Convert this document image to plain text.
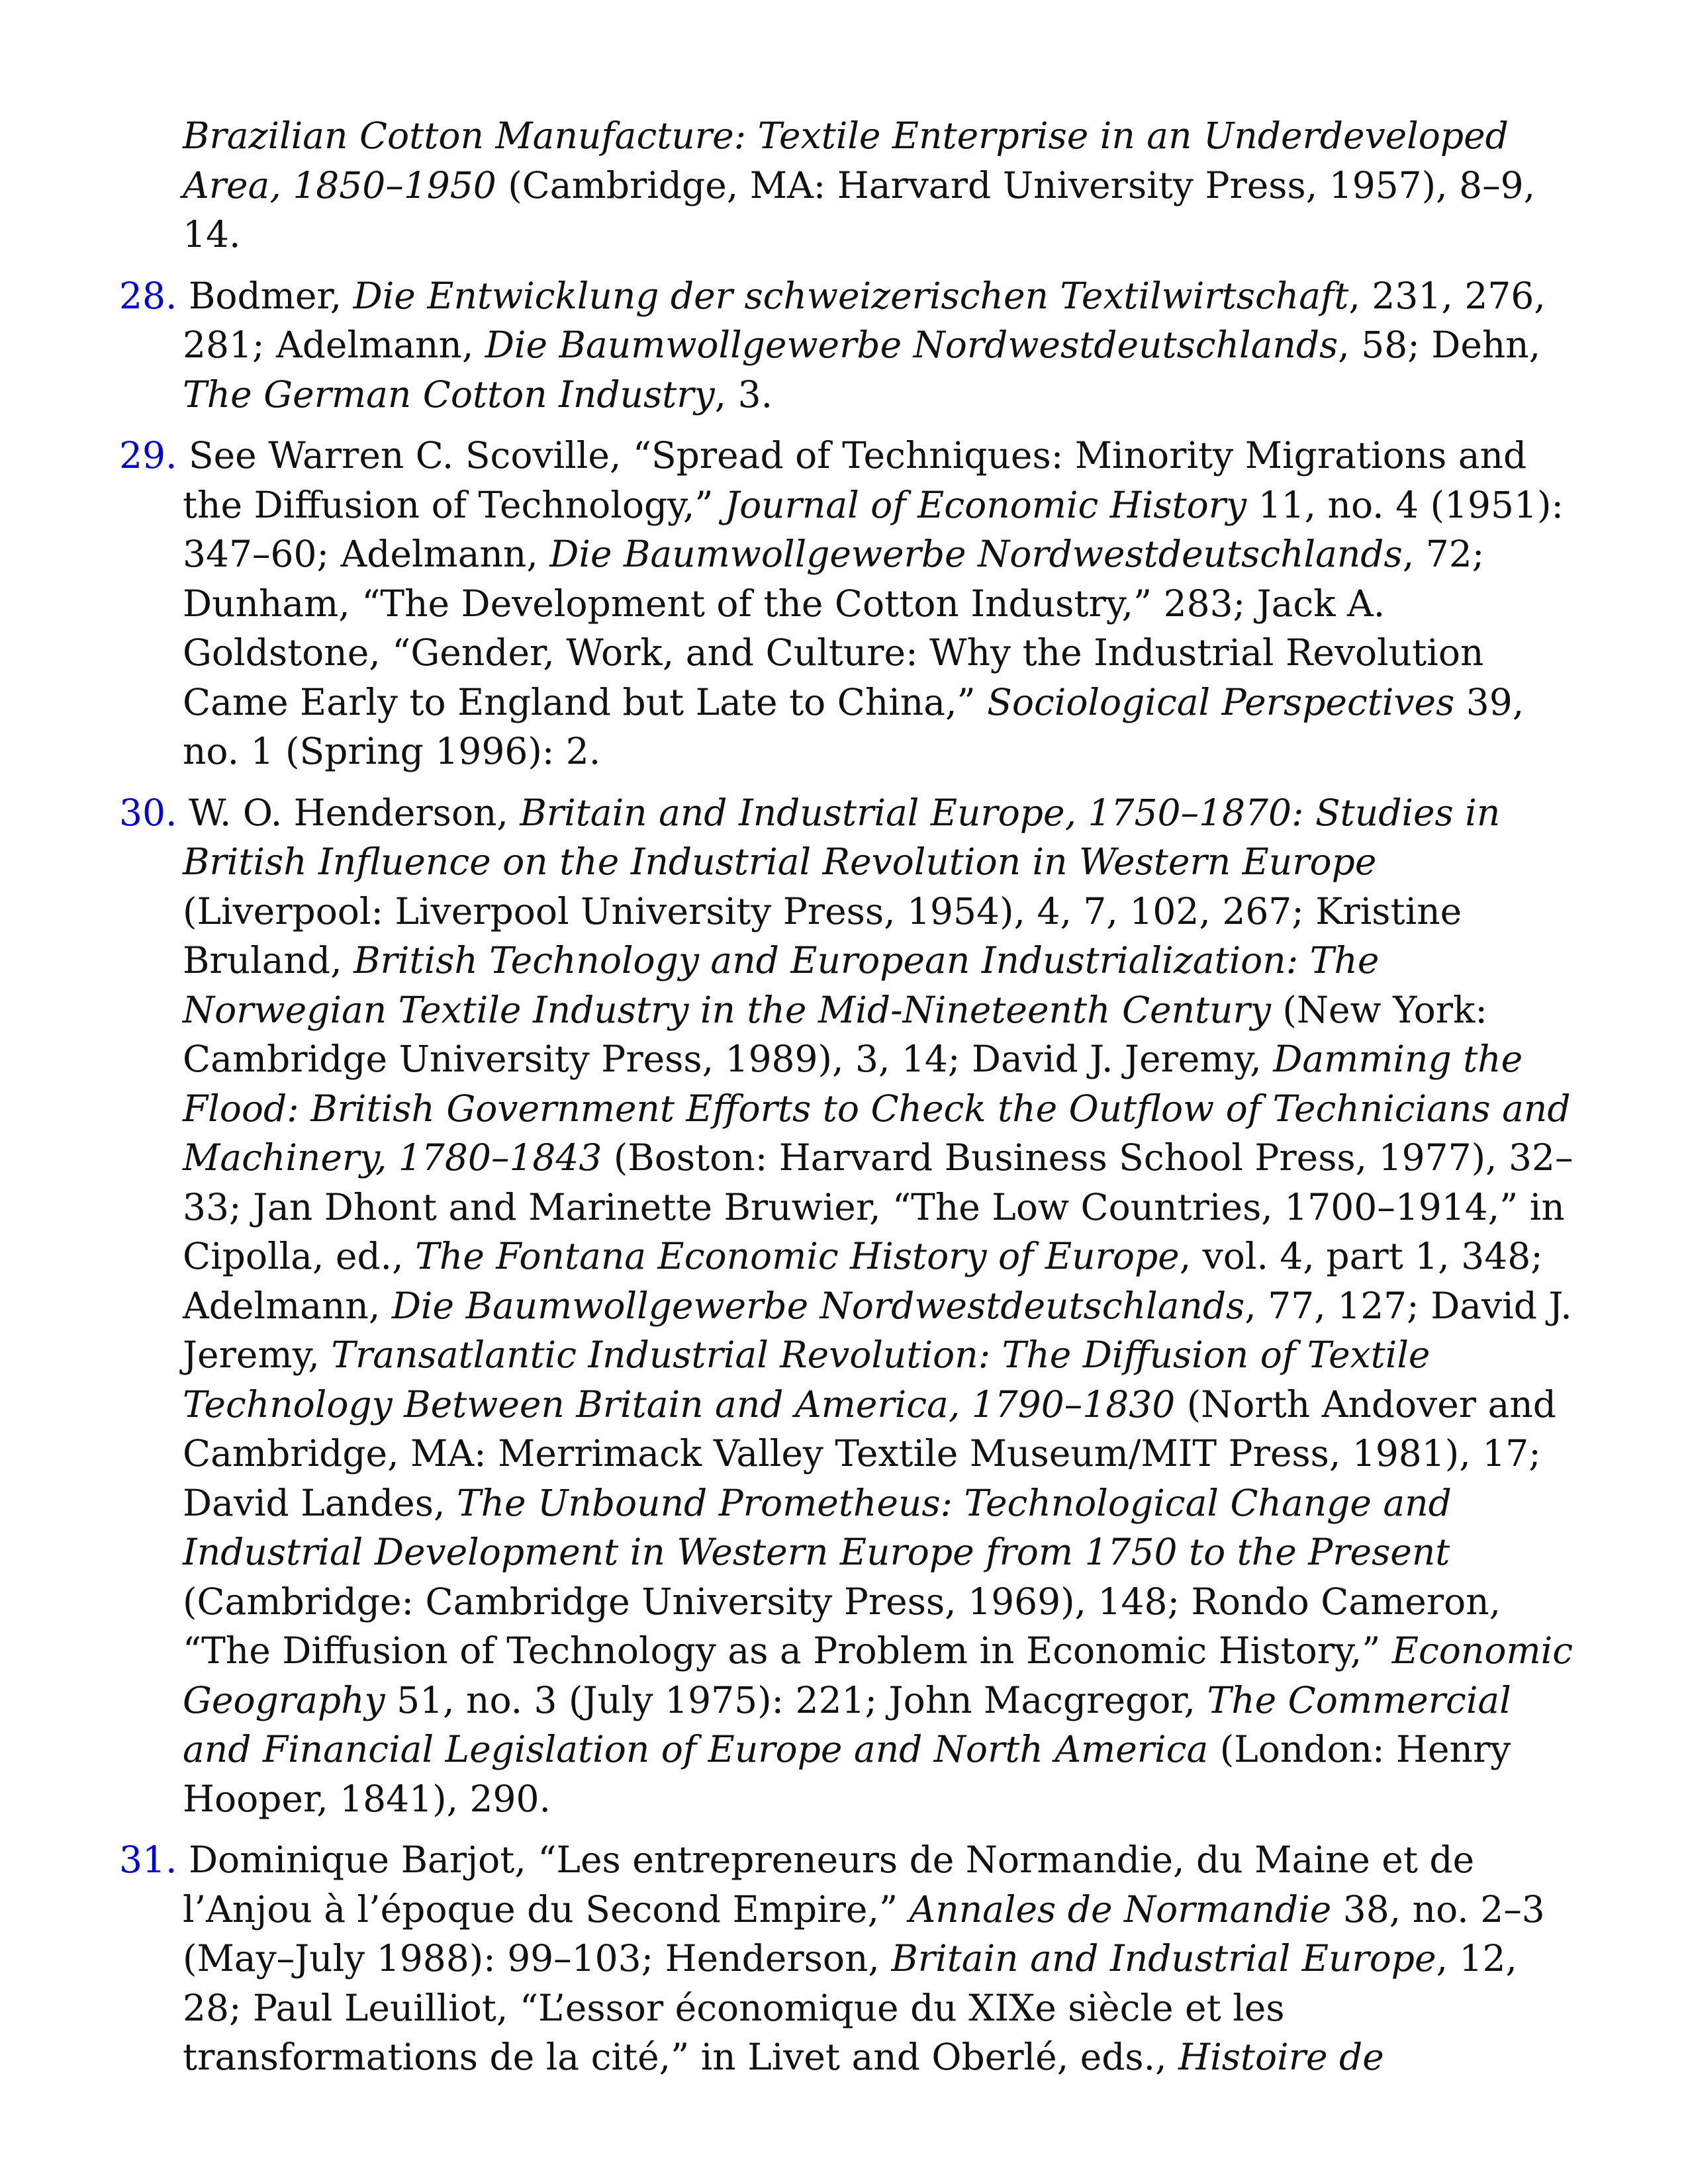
Brazilian Cotton Manufacture: Textile Enterprise in an Underdeveloped Area, 1850–1950 (Cambridge, MA: Harvard University Press, 1957), 8–9, 14.

28. Bodmer, Die Entwicklung der schweizerischen Textilwirtschaft, 231, 276, 281; Adelmann, Die Baumwollgewerbe Nordwestdeutschlands, 58; Dehn, The German Cotton Industry, 3.

29. See Warren C. Scoville, “Spread of Techniques: Minority Migrations and the Diffusion of Technology,” Journal of Economic History 11, no. 4 (1951): 347–60; Adelmann, Die Baumwollgewerbe Nordwestdeutschlands, 72; Dunham, “The Development of the Cotton Industry,” 283; Jack A. Goldstone, “Gender, Work, and Culture: Why the Industrial Revolution Came Early to England but Late to China,” Sociological Perspectives 39, no. 1 (Spring 1996): 2.

30. W. O. Henderson, Britain and Industrial Europe, 1750–1870: Studies in British Influence on the Industrial Revolution in Western Europe (Liverpool: Liverpool University Press, 1954), 4, 7, 102, 267; Kristine Bruland, British Technology and European Industrialization: The Norwegian Textile Industry in the Mid-Nineteenth Century (New York: Cambridge University Press, 1989), 3, 14; David J. Jeremy, Damming the Flood: British Government Efforts to Check the Outflow of Technicians and Machinery, 1780–1843 (Boston: Harvard Business School Press, 1977), 32–33; Jan Dhont and Marinette Bruwier, “The Low Countries, 1700–1914,” in Cipolla, ed., The Fontana Economic History of Europe, vol. 4, part 1, 348; Adelmann, Die Baumwollgewerbe Nordwestdeutschlands, 77, 127; David J. Jeremy, Transatlantic Industrial Revolution: The Diffusion of Textile Technology Between Britain and America, 1790–1830 (North Andover and Cambridge, MA: Merrimack Valley Textile Museum/MIT Press, 1981), 17; David Landes, The Unbound Prometheus: Technological Change and Industrial Development in Western Europe from 1750 to the Present (Cambridge: Cambridge University Press, 1969), 148; Rondo Cameron, “The Diffusion of Technology as a Problem in Economic History,” Economic Geography 51, no. 3 (July 1975): 221; John Macgregor, The Commercial and Financial Legislation of Europe and North America (London: Henry Hooper, 1841), 290.

31. Dominique Barjot, “Les entrepreneurs de Normandie, du Maine et de l’Anjou à l’époque du Second Empire,” Annales de Normandie 38, no. 2–3 (May–July 1988): 99–103; Henderson, Britain and Industrial Europe, 12, 28; Paul Leuilliot, “L’essor économique du XIXe siècle et les transformations de la cité,” in Livet and Oberlé, eds., Histoire de
